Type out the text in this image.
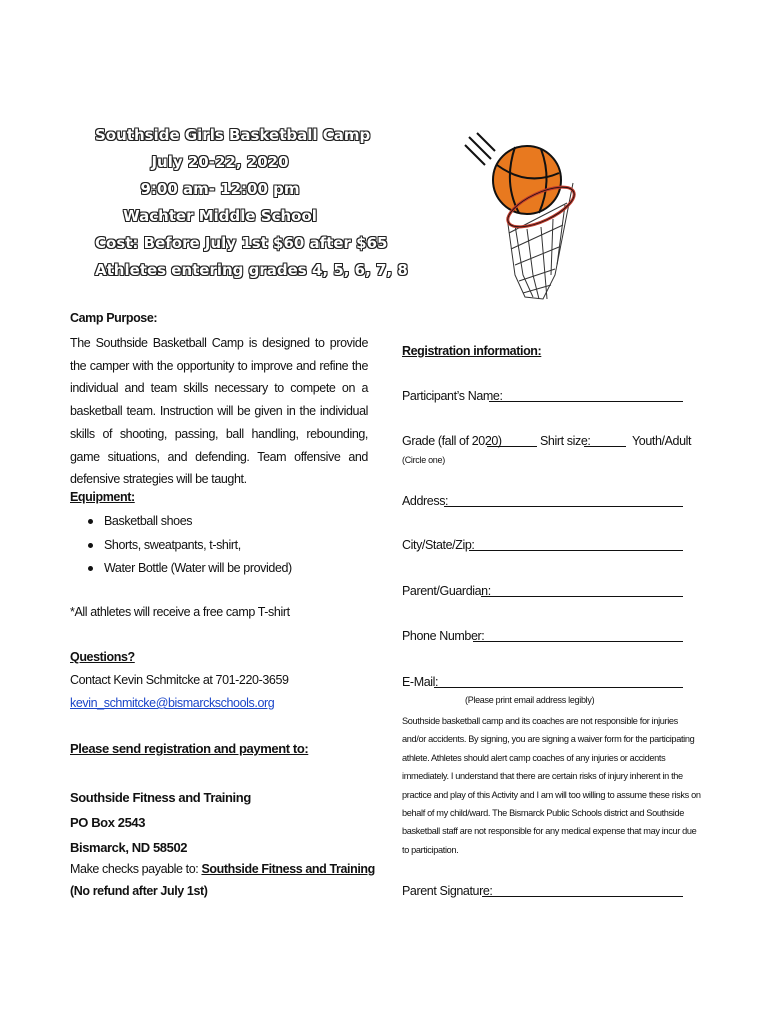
Southside Girls Basketball Camp
July 20-22, 2020
9:00 am- 12:00 pm
Wachter Middle School
Cost: Before July 1st $60 after $65
Athletes entering grades 4, 5, 6, 7, 8
Camp Purpose:
The Southside Basketball Camp is designed to provide the camper with the opportunity to improve and refine the individual and team skills necessary to compete on a basketball team. Instruction will be given in the individual skills of shooting, passing, ball handling, rebounding, game situations, and defending. Team offensive and defensive strategies will be taught.
Equipment:
Basketball shoes
Shorts, sweatpants, t-shirt,
Water Bottle (Water will be provided)
*All athletes will receive a free camp T-shirt
Questions?
Contact Kevin Schmitcke at 701-220-3659
kevin_schmitcke@bismarckschools.org
Please send registration and payment to:
Southside Fitness and Training
PO Box 2543
Bismarck, ND 58502
Make checks payable to: Southside Fitness and Training
(No refund after July 1st)
Registration information:
Participant’s Name:
Grade (fall of 2020)	Shirt size:	Youth/Adult
(Circle one)
Address:
City/State/Zip:
Parent/Guardian:
Phone Number:
E-Mail:
(Please print email address legibly)
Southside basketball camp and its coaches are not responsible for injuries and/or accidents. By signing, you are signing a waiver form for the participating athlete. Athletes should alert camp coaches of any injuries or accidents immediately. I understand that there are certain risks of injury inherent in the practice and play of this Activity and I am will too willing to assume these risks on behalf of my child/ward. The Bismarck Public Schools district and Southside basketball staff are not responsible for any medical expense that may incur due to participation.
Parent Signature:
